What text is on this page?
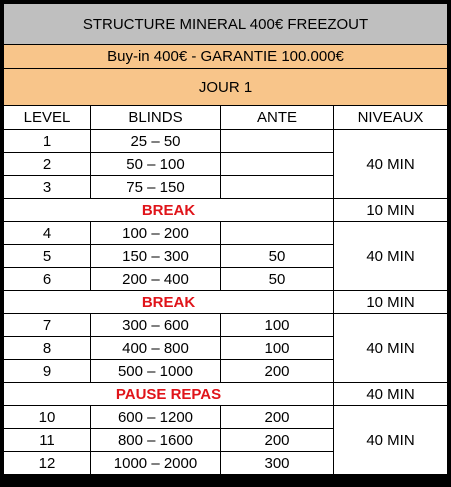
STRUCTURE MINERAL 400€ FREEZOUT			
Buy-in 400€ - GARANTIE 100.000€			
JOUR 1			
LEVEL	BLINDS	ANTE	NIVEAUX
1	25 – 50		40 MIN
2	50 – 100		
3	75 – 150		
BREAK			10 MIN
4	100 – 200		40 MIN
5	150 – 300	50	
6	200 – 400	50	
BREAK			10 MIN
7	300 – 600	100	40 MIN
8	400 – 800	100	
9	500 – 1000	200	
PAUSE REPAS			40 MIN
10	600 – 1200	200	40 MIN
11	800 – 1600	200	
12	1000 – 2000	300	
